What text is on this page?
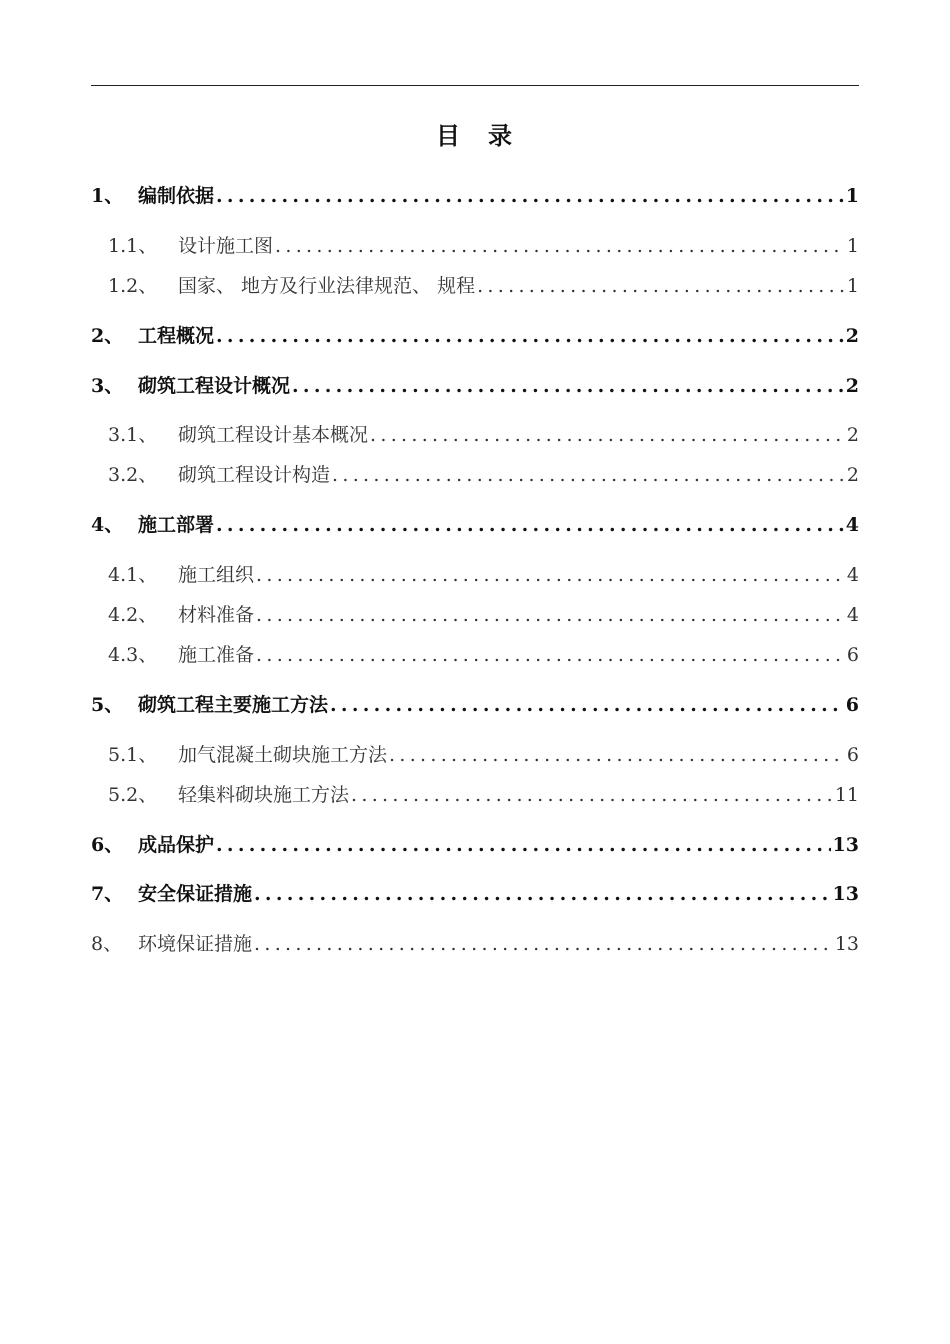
目　录
1、 编制依据 .....	1
1.1、	设计施工图 .....	1
1.2、	国家、 地方及行业法律规范、 规程 .....	1
2、 工程概况 .....	2
3、 砌筑工程设计概况 .....	2
3.1、	砌筑工程设计基本概况 .....	2
3.2、	砌筑工程设计构造 .....	2
4、 施工部署 .....	4
4.1、	施工组织 .....	4
4.2、	材料准备 .....	4
4.3、	施工准备 .....	6
5、 砌筑工程主要施工方法 .....	6
5.1、	加气混凝土砌块施工方法 .....	6
5.2、	轻集料砌块施工方法 .....	11
6、 成品保护 .....	13
7、 安全保证措施 .....	13
8、 环境保证措施 .....	13
